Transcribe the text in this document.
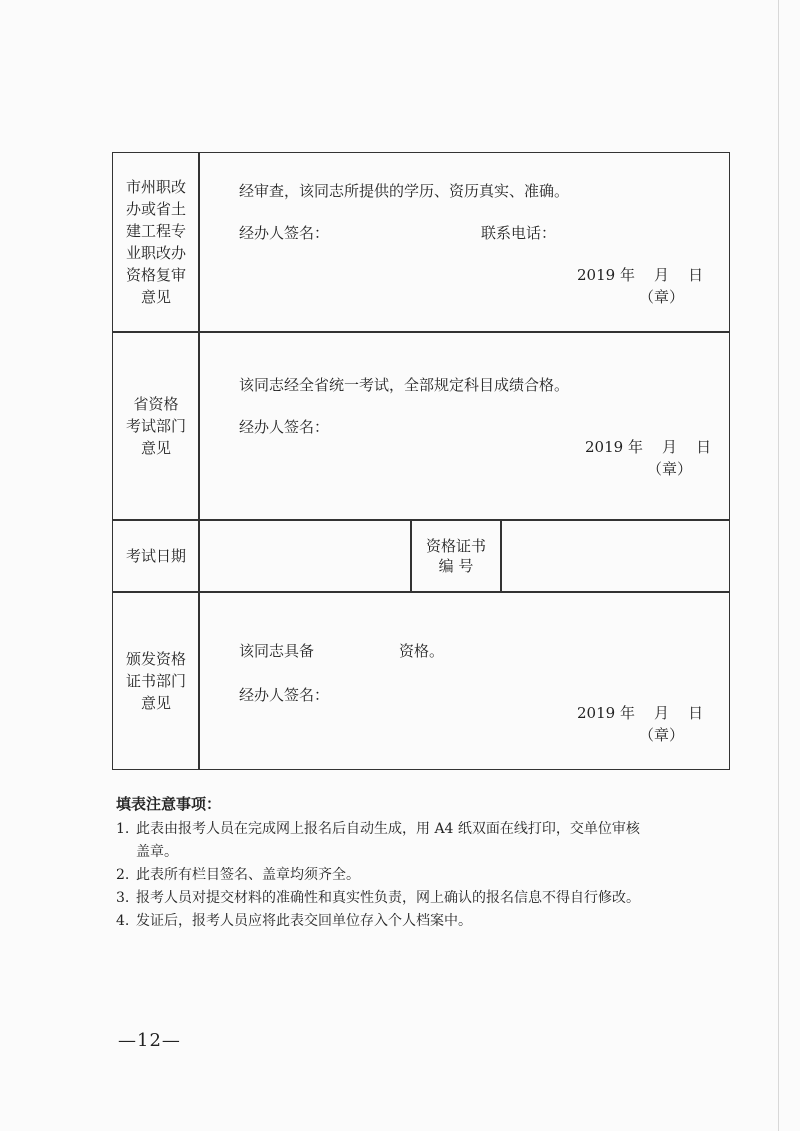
市州职改
办或省土
建工程专
业职改办
资格复审
意见
经审查，该同志所提供的学历、资历真实、准确。
经办人签名：	联系电话：
2019 年    月    日
（章）
省资格
考试部门
意见
该同志经全省统一考试，全部规定科目成绩合格。
经办人签名：
2019 年    月    日
（章）
考试日期
资格证书
编 号
颁发资格
证书部门
意见
该同志具备	资格。
经办人签名：
2019 年    月    日
（章）
填表注意事项：
1. 此表由报考人员在完成网上报名后自动生成，用 A4 纸双面在线打印，交单位审核
盖章。
2. 此表所有栏目签名、盖章均须齐全。
3. 报考人员对提交材料的准确性和真实性负责，网上确认的报名信息不得自行修改。
4. 发证后，报考人员应将此表交回单位存入个人档案中。
—12—
